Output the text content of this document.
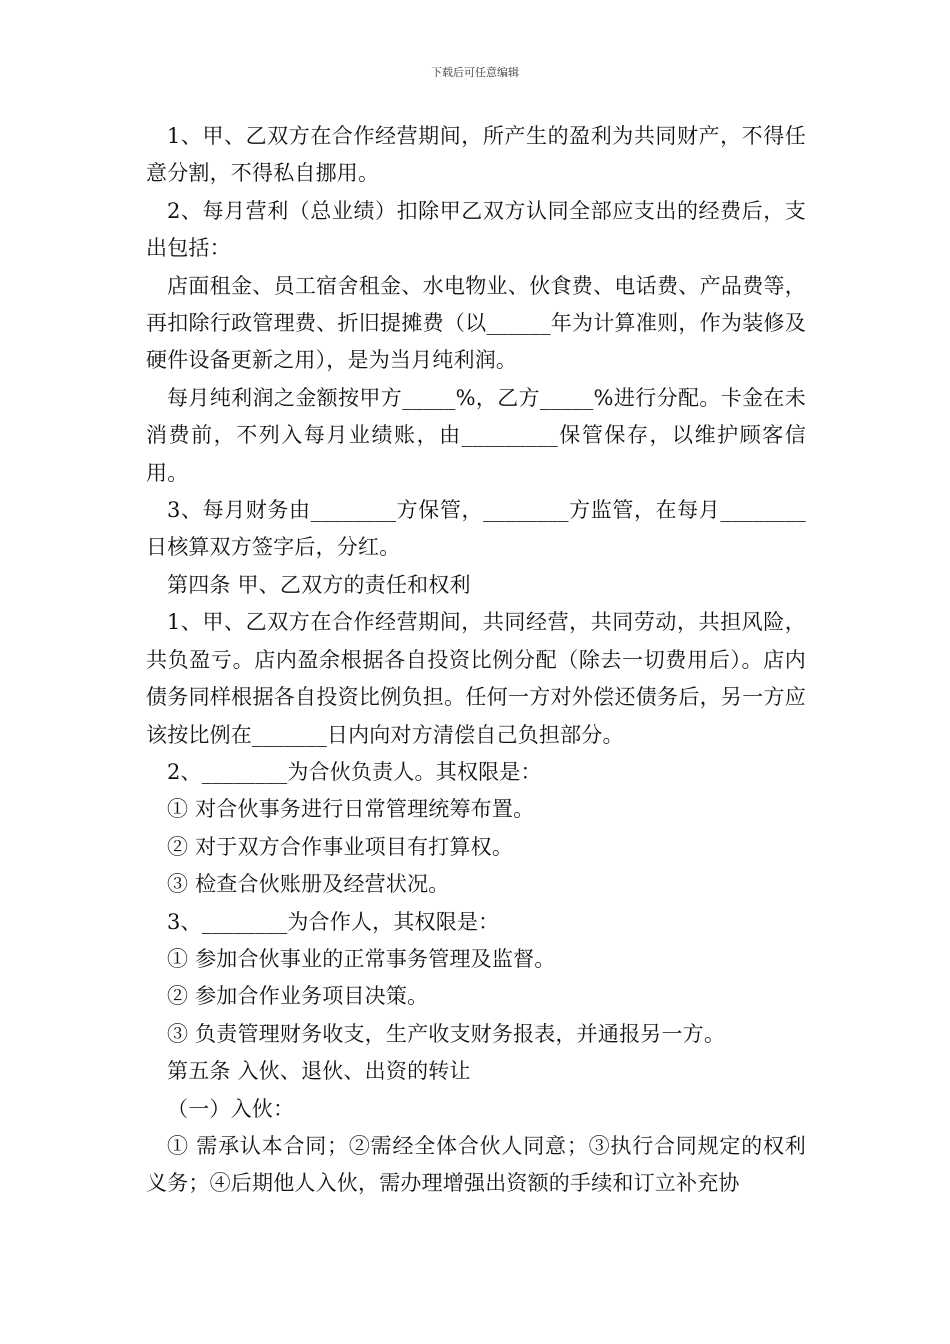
下载后可任意编辑

1、甲、乙双方在合作经营期间，所产生的盈利为共同财产，不得任意分割，不得私自挪用。

2、每月营利（总业绩）扣除甲乙双方认同全部应支出的经费后，支出包括：

店面租金、员工宿舍租金、水电物业、伙食费、电话费、产品费等，再扣除行政管理费、折旧提摊费（以______年为计算准则，作为装修及硬件设备更新之用），是为当月纯利润。

每月纯利润之金额按甲方_____%，乙方_____%进行分配。卡金在未消费前，不列入每月业绩账，由_________保管保存，以维护顾客信用。

3、每月财务由________方保管，________方监管，在每月________日核算双方签字后，分红。

第四条 甲、乙双方的责任和权利

1、甲、乙双方在合作经营期间，共同经营，共同劳动，共担风险，共负盈亏。店内盈余根据各自投资比例分配（除去一切费用后）。店内债务同样根据各自投资比例负担。任何一方对外偿还债务后，另一方应该按比例在_______日内向对方清偿自己负担部分。

2、________为合伙负责人。其权限是：

① 对合伙事务进行日常管理统筹布置。

② 对于双方合作事业项目有打算权。

③ 检查合伙账册及经营状况。

3、________为合作人，其权限是：

① 参加合伙事业的正常事务管理及监督。

② 参加合作业务项目决策。

③ 负责管理财务收支，生产收支财务报表，并通报另一方。

第五条 入伙、退伙、出资的转让

（一）入伙：

① 需承认本合同；②需经全体合伙人同意；③执行合同规定的权利义务；④后期他人入伙，需办理增强出资额的手续和订立补充协
